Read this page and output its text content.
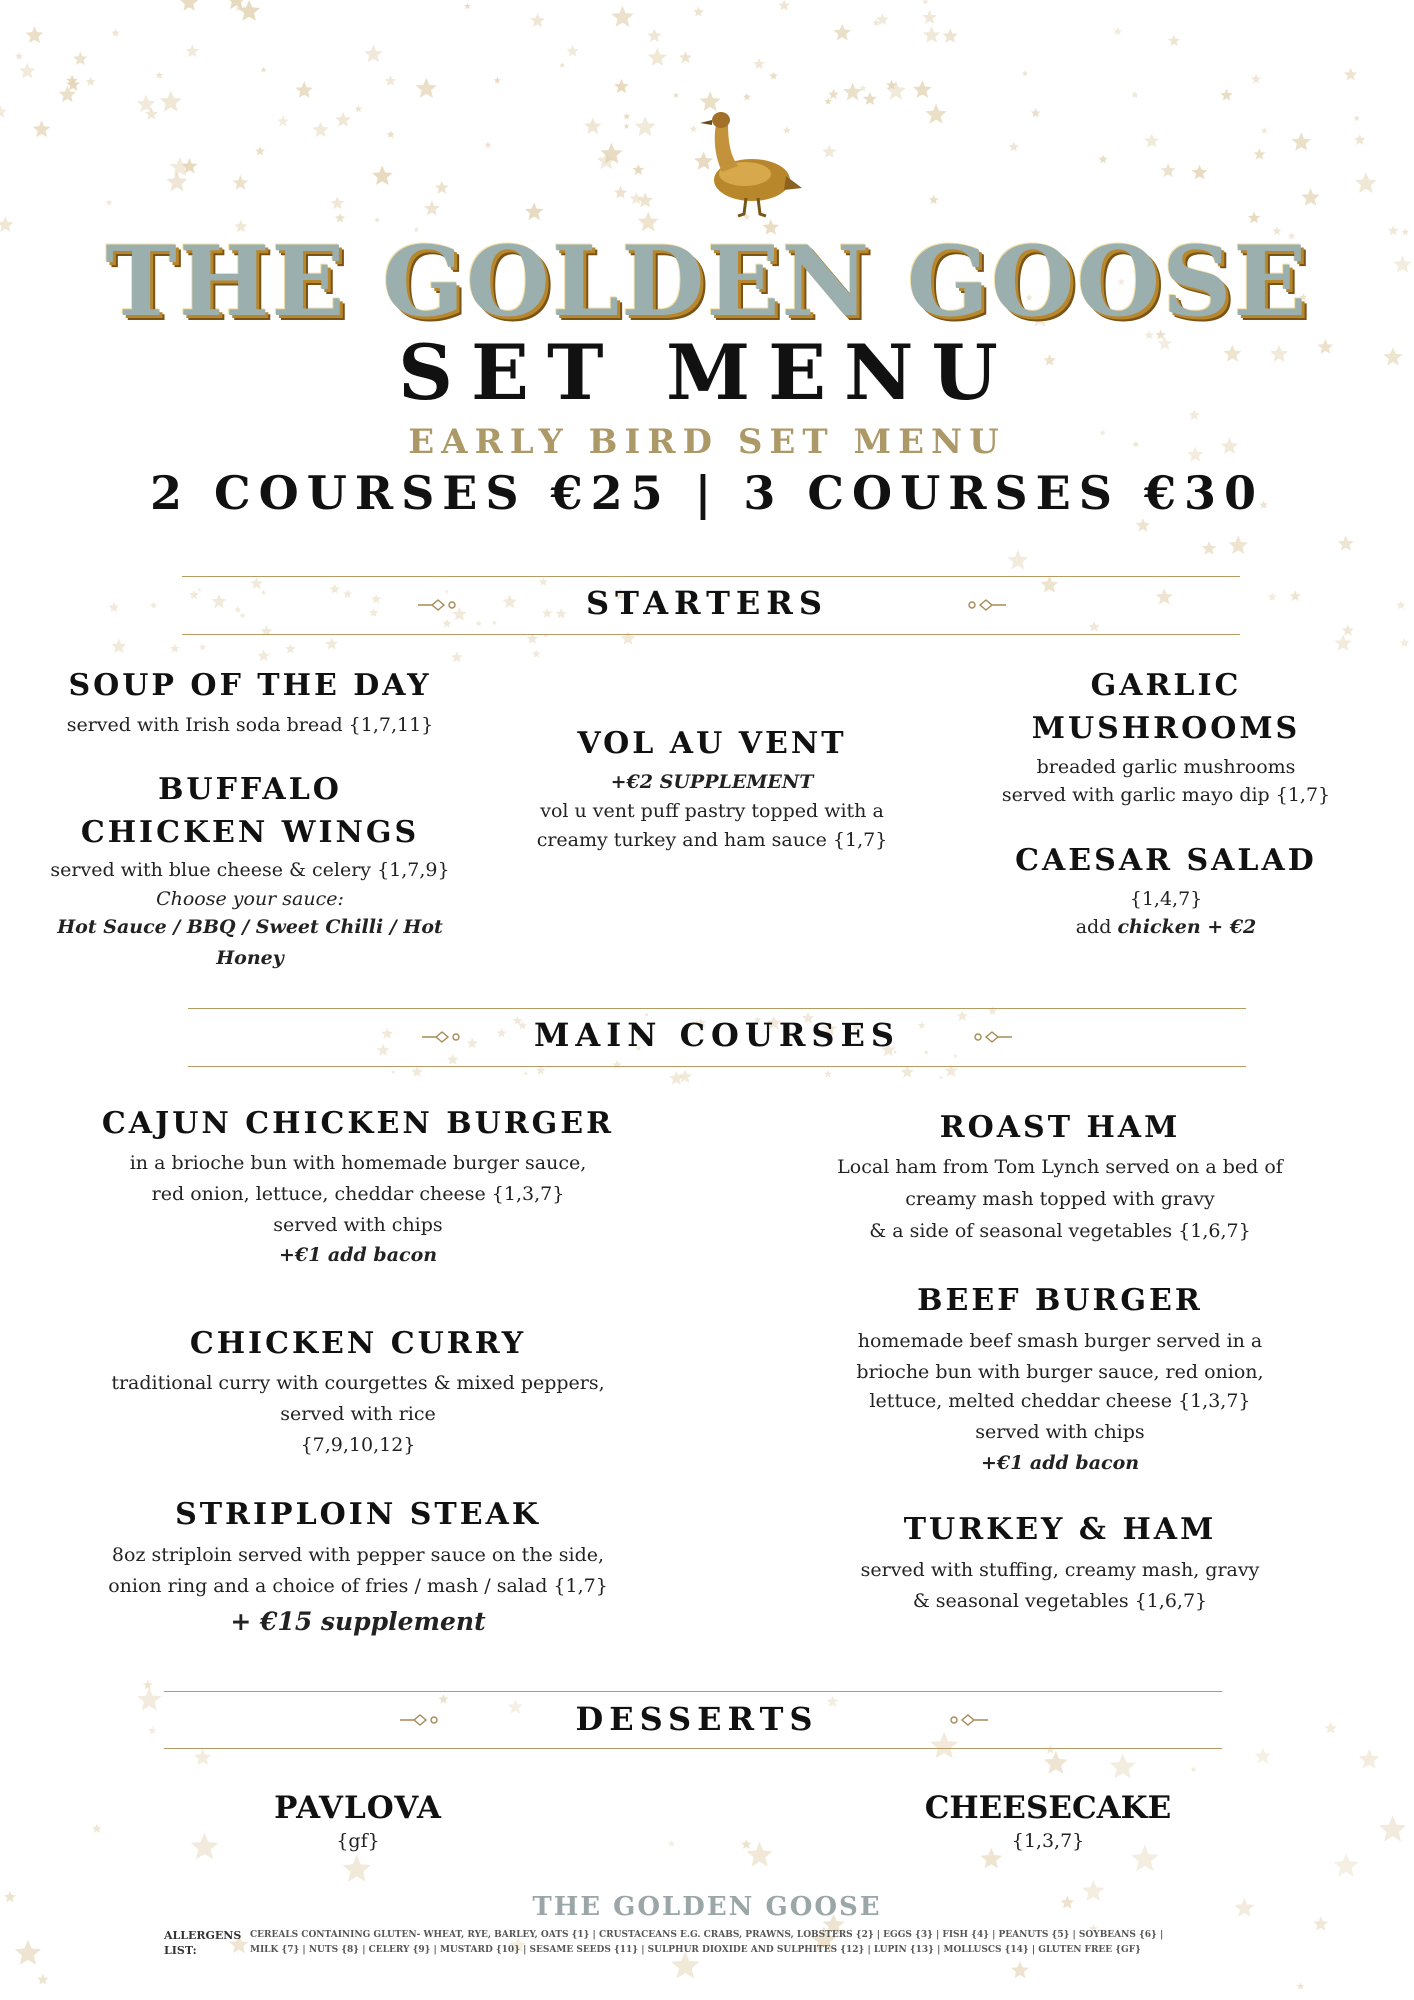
THE GOLDEN GOOSE
SET MENU
EARLY BIRD SET MENU
2 COURSES €25 | 3 COURSES €30
STARTERS
SOUP OF THE DAY
served with Irish soda bread {1,7,11}
BUFFALO
CHICKEN WINGS
served with blue cheese & celery {1,7,9}
Choose your sauce:
Hot Sauce / BBQ / Sweet Chilli / Hot Honey
VOL AU VENT
+€2 SUPPLEMENT
vol u vent puff pastry topped with a
creamy turkey and ham sauce {1,7}
GARLIC
MUSHROOMS
breaded garlic mushrooms
served with garlic mayo dip {1,7}
CAESAR SALAD
{1,4,7}
add chicken + €2
MAIN COURSES
CAJUN CHICKEN BURGER
in a brioche bun with homemade burger sauce,
red onion, lettuce, cheddar cheese {1,3,7}
served with chips
+€1 add bacon
CHICKEN CURRY
traditional curry with courgettes & mixed peppers,
served with rice
{7,9,10,12}
STRIPLOIN STEAK
8oz striploin served with pepper sauce on the side,
onion ring and a choice of fries / mash / salad {1,7}
+ €15 supplement
ROAST HAM
Local ham from Tom Lynch served on a bed of
creamy mash topped with gravy
& a side of seasonal vegetables {1,6,7}
BEEF BURGER
homemade beef smash burger served in a
brioche bun with burger sauce, red onion,
lettuce, melted cheddar cheese {1,3,7}
served with chips
+€1 add bacon
TURKEY & HAM
served with stuffing, creamy mash, gravy
& seasonal vegetables {1,6,7}
DESSERTS
PAVLOVA
{gf}
CHEESECAKE
{1,3,7}
THE GOLDEN GOOSE
ALLERGENS
LIST:
CEREALS CONTAINING GLUTEN- WHEAT, RYE, BARLEY, OATS {1} | CRUSTACEANS E.G. CRABS, PRAWNS, LOBSTERS {2} | EGGS {3} | FISH {4} | PEANUTS {5} | SOYBEANS {6} |
MILK {7} | NUTS {8} | CELERY {9} | MUSTARD {10} | SESAME SEEDS {11} | SULPHUR DIOXIDE AND SULPHITES {12} | LUPIN {13} | MOLLUSCS {14} | GLUTEN FREE {GF}
